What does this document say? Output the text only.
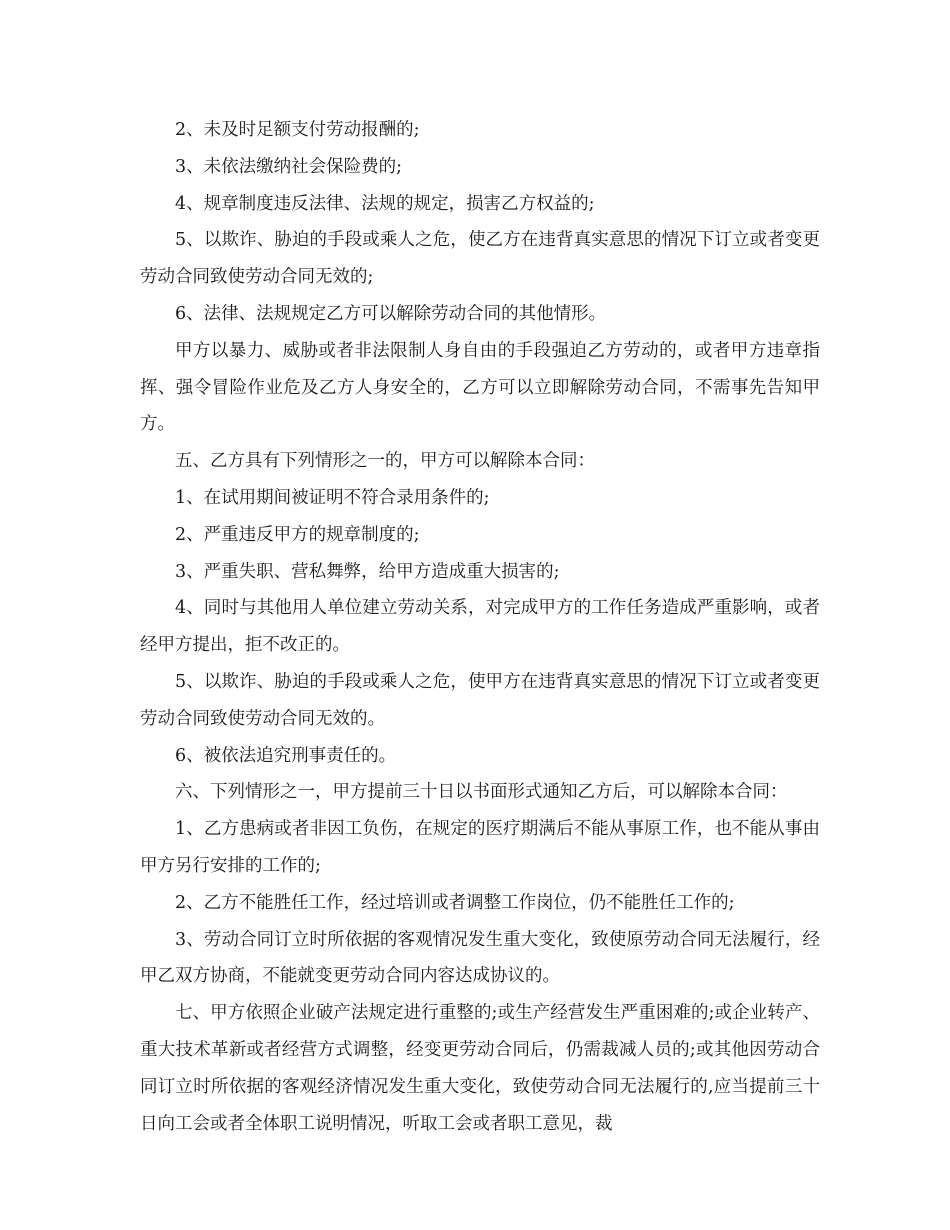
2、未及时足额支付劳动报酬的;

3、未依法缴纳社会保险费的;

4、规章制度违反法律、法规的规定，损害乙方权益的;

5、以欺诈、胁迫的手段或乘人之危，使乙方在违背真实意思的情况下订立或者变更劳动合同致使劳动合同无效的;

6、法律、法规规定乙方可以解除劳动合同的其他情形。

甲方以暴力、威胁或者非法限制人身自由的手段强迫乙方劳动的，或者甲方违章指挥、强令冒险作业危及乙方人身安全的，乙方可以立即解除劳动合同，不需事先告知甲方。

五、乙方具有下列情形之一的，甲方可以解除本合同：

1、在试用期间被证明不符合录用条件的;

2、严重违反甲方的规章制度的;

3、严重失职、营私舞弊，给甲方造成重大损害的;

4、同时与其他用人单位建立劳动关系，对完成甲方的工作任务造成严重影响，或者经甲方提出，拒不改正的。

5、以欺诈、胁迫的手段或乘人之危，使甲方在违背真实意思的情况下订立或者变更劳动合同致使劳动合同无效的。

6、被依法追究刑事责任的。

六、下列情形之一，甲方提前三十日以书面形式通知乙方后，可以解除本合同：

1、乙方患病或者非因工负伤，在规定的医疗期满后不能从事原工作，也不能从事由甲方另行安排的工作的;

2、乙方不能胜任工作，经过培训或者调整工作岗位，仍不能胜任工作的;

3、劳动合同订立时所依据的客观情况发生重大变化，致使原劳动合同无法履行，经甲乙双方协商，不能就变更劳动合同内容达成协议的。

七、甲方依照企业破产法规定进行重整的;或生产经营发生严重困难的;或企业转产、重大技术革新或者经营方式调整，经变更劳动合同后，仍需裁减人员的;或其他因劳动合同订立时所依据的客观经济情况发生重大变化，致使劳动合同无法履行的,应当提前三十日向工会或者全体职工说明情况，听取工会或者职工意见，裁
